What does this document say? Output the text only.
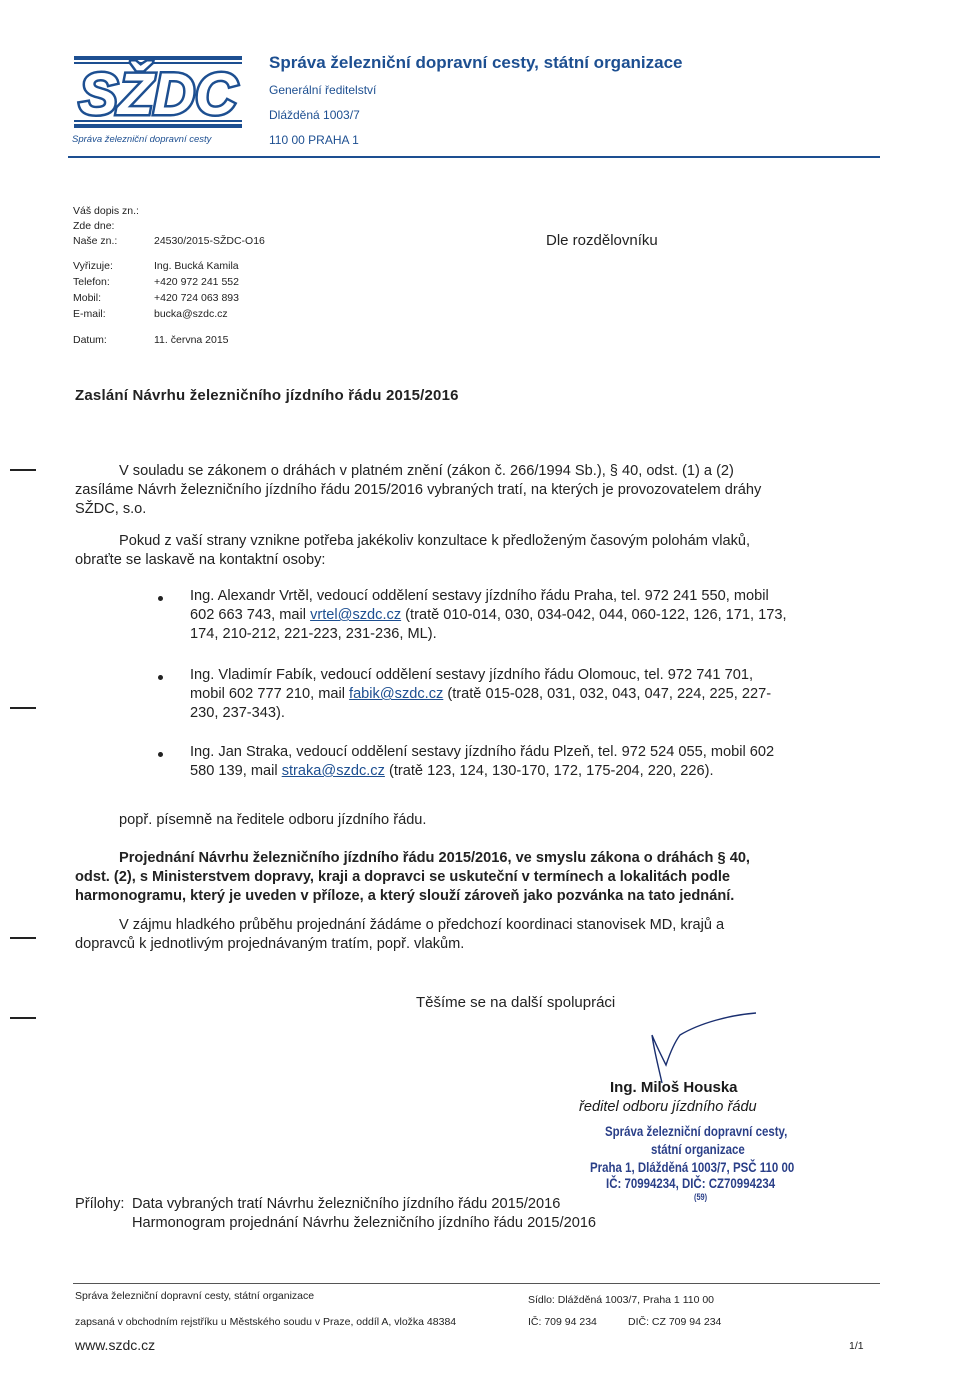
SŽDC
Správa železniční dopravní cesty
Správa železniční dopravní cesty, státní organizace
Generální ředitelství
Dlážděná 1003/7
110 00 PRAHA 1
Váš dopis zn.:
Zde dne:
Naše zn.:	24530/2015-SŽDC-O16	Dle rozdělovníku
Vyřizuje:	Ing. Bucká Kamila
Telefon:	+420 972 241 552
Mobil:	+420 724 063 893
E-mail:	bucka@szdc.cz
Datum:	11. června 2015
Zaslání Návrhu železničního jízdního řádu 2015/2016
V souladu se zákonem o dráhách v platném znění (zákon č. 266/1994 Sb.), § 40, odst. (1) a (2)
zasíláme Návrh železničního jízdního řádu 2015/2016 vybraných tratí, na kterých je provozovatelem dráhy
SŽDC, s.o.
Pokud z vaší strany vznikne potřeba jakékoliv konzultace k předloženým časovým polohám vlaků,
obraťte se laskavě na kontaktní osoby:
Ing. Alexandr Vrtěl, vedoucí oddělení sestavy jízdního řádu Praha, tel. 972 241 550, mobil
602 663 743, mail vrtel@szdc.cz (tratě 010-014, 030, 034-042, 044, 060-122, 126, 171, 173,
174, 210-212, 221-223, 231-236, ML).
Ing. Vladimír Fabík, vedoucí oddělení sestavy jízdního řádu Olomouc, tel. 972 741 701,
mobil 602 777 210, mail fabik@szdc.cz (tratě 015-028, 031, 032, 043, 047, 224, 225, 227-
230, 237-343).
Ing. Jan Straka, vedoucí oddělení sestavy jízdního řádu Plzeň, tel. 972 524 055, mobil 602
580 139, mail straka@szdc.cz (tratě 123, 124, 130-170, 172, 175-204, 220, 226).
popř. písemně na ředitele odboru jízdního řádu.
Projednání Návrhu železničního jízdního řádu 2015/2016, ve smyslu zákona o dráhách § 40,
odst. (2), s Ministerstvem dopravy, kraji a dopravci se uskuteční v termínech a lokalitách podle
harmonogramu, který je uveden v příloze, a který slouží zároveň jako pozvánka na tato jednání.
V zájmu hladkého průběhu projednání žádáme o předchozí koordinaci stanovisek MD, krajů a
dopravců k jednotlivým projednávaným tratím, popř. vlakům.
Těšíme se na další spolupráci
Ing. Miloš Houska
ředitel odboru jízdního řádu
Správa železniční dopravní cesty,
státní organizace
Praha 1, Dlážděná 1003/7, PSČ 110 00
IČ: 70994234, DIČ: CZ70994234
(59)
Přílohy: Data vybraných tratí Návrhu železničního jízdního řádu 2015/2016
Harmonogram projednání Návrhu železničního jízdního řádu 2015/2016
Správa železniční dopravní cesty, státní organizace
zapsaná v obchodním rejstříku u Městského soudu v Praze, oddíl A, vložka 48384
www.szdc.cz
Sídlo: Dlážděná 1003/7, Praha 1 110 00
IČ: 709 94 234	DIČ: CZ 709 94 234
1/1
